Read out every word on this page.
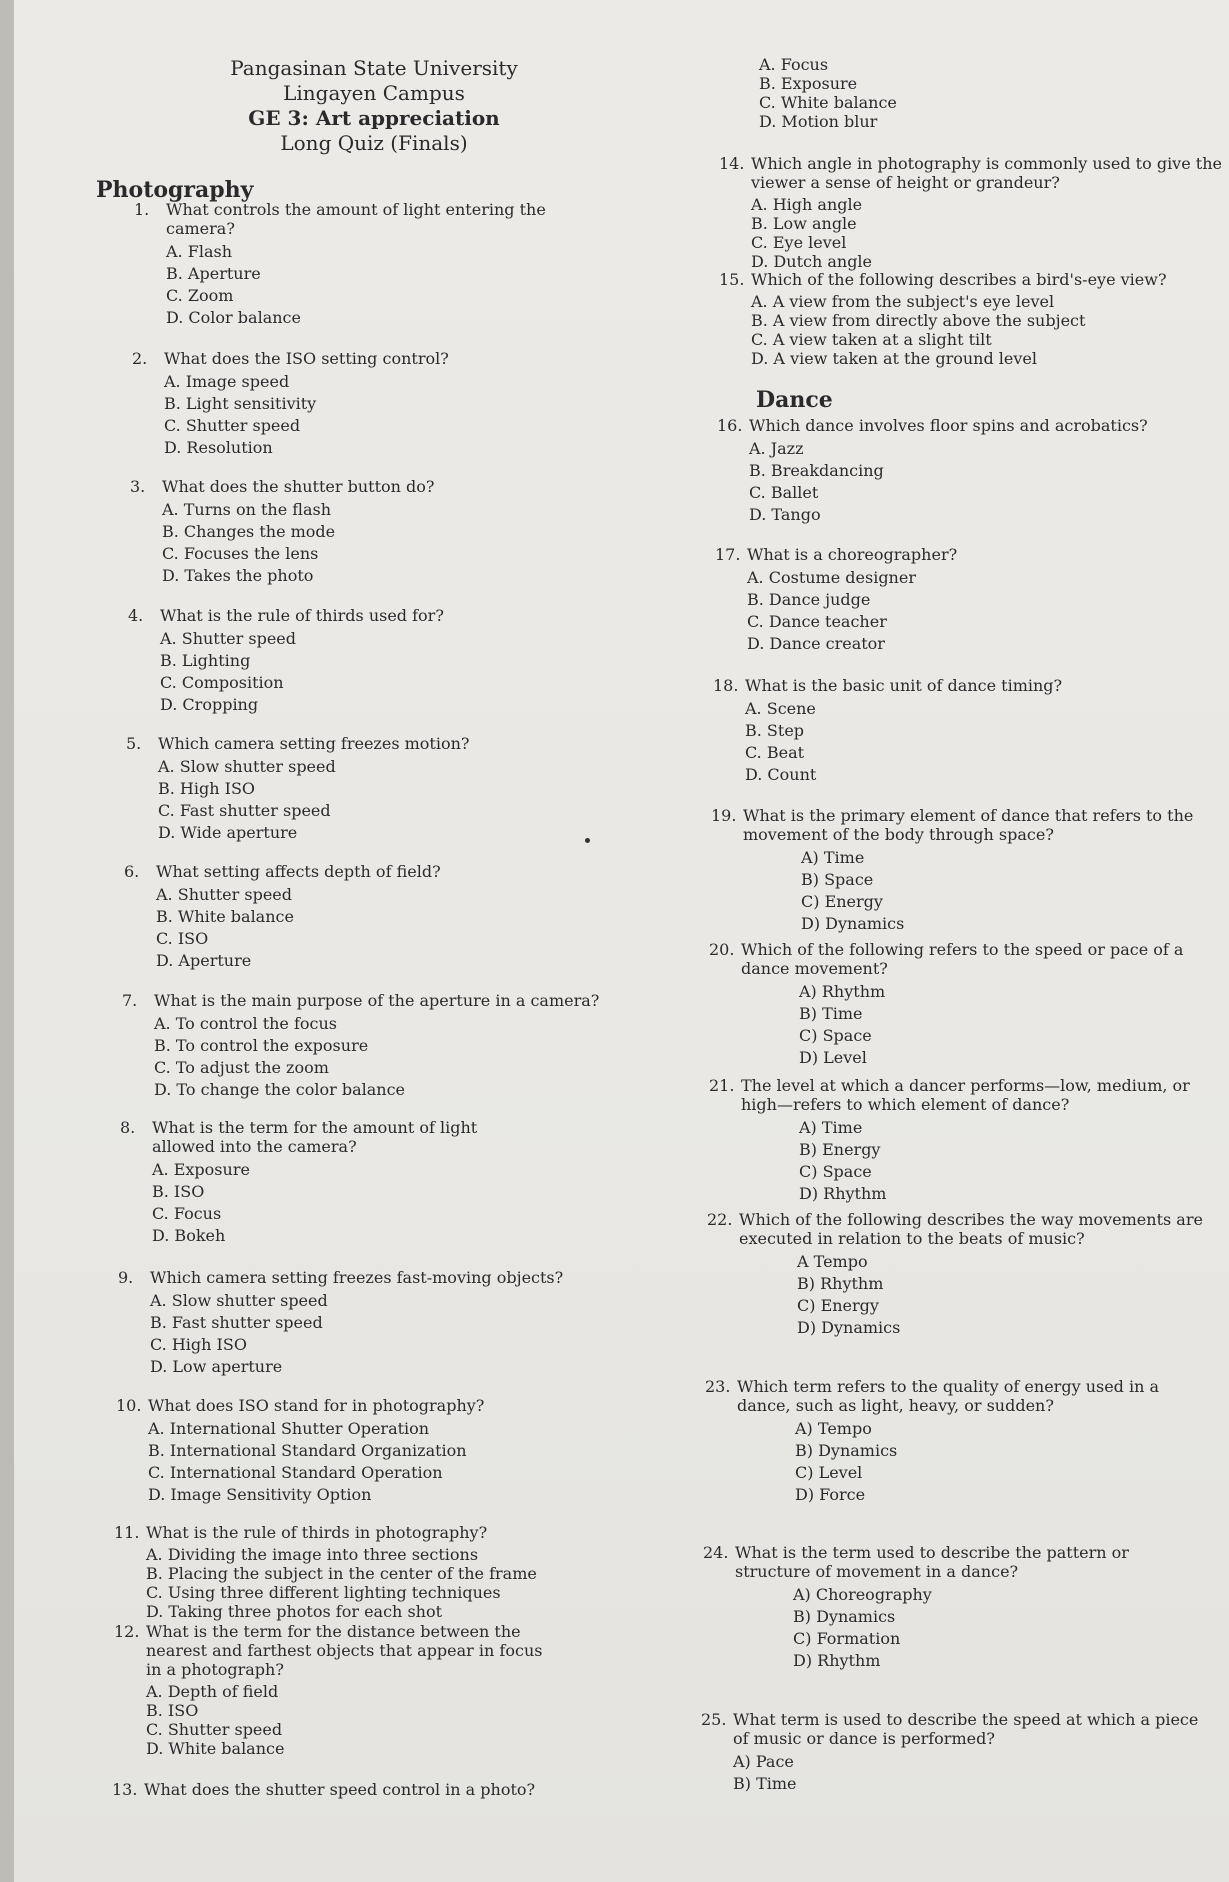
Pangasinan State University
Lingayen Campus
GE 3: Art appreciation
Long Quiz (Finals)
Photography
1.	What controls the amount of light entering the camera?
A. Flash
B. Aperture
C. Zoom
D. Color balance
2.	What does the ISO setting control?
A. Image speed
B. Light sensitivity
C. Shutter speed
D. Resolution
3.	What does the shutter button do?
A. Turns on the flash
B. Changes the mode
C. Focuses the lens
D. Takes the photo
4.	What is the rule of thirds used for?
A. Shutter speed
B. Lighting
C. Composition
D. Cropping
5.	Which camera setting freezes motion?
A. Slow shutter speed
B. High ISO
C. Fast shutter speed
D. Wide aperture
6.	What setting affects depth of field?
A. Shutter speed
B. White balance
C. ISO
D. Aperture
7.	What is the main purpose of the aperture in a camera?
A. To control the focus
B. To control the exposure
C. To adjust the zoom
D. To change the color balance
8.	What is the term for the amount of light allowed into the camera?
A. Exposure
B. ISO
C. Focus
D. Bokeh
9.	Which camera setting freezes fast-moving objects?
A. Slow shutter speed
B. Fast shutter speed
C. High ISO
D. Low aperture
10. What does ISO stand for in photography?
A. International Shutter Operation
B. International Standard Organization
C. International Standard Operation
D. Image Sensitivity Option
11. What is the rule of thirds in photography?
A. Dividing the image into three sections
B. Placing the subject in the center of the frame
C. Using three different lighting techniques
D. Taking three photos for each shot
12. What is the term for the distance between the nearest and farthest objects that appear in focus in a photograph?
A. Depth of field
B. ISO
C. Shutter speed
D. White balance
13. What does the shutter speed control in a photo?
A. Focus
B. Exposure
C. White balance
D. Motion blur
14. Which angle in photography is commonly used to give the viewer a sense of height or grandeur?
A. High angle
B. Low angle
C. Eye level
D. Dutch angle
15. Which of the following describes a bird's-eye view?
A. A view from the subject's eye level
B. A view from directly above the subject
C. A view taken at a slight tilt
D. A view taken at the ground level
Dance
16. Which dance involves floor spins and acrobatics?
A. Jazz
B. Breakdancing
C. Ballet
D. Tango
17. What is a choreographer?
A. Costume designer
B. Dance judge
C. Dance teacher
D. Dance creator
18. What is the basic unit of dance timing?
A. Scene
B. Step
C. Beat
D. Count
19. What is the primary element of dance that refers to the movement of the body through space?
A) Time
B) Space
C) Energy
D) Dynamics
20. Which of the following refers to the speed or pace of a dance movement?
A) Rhythm
B) Time
C) Space
D) Level
21. The level at which a dancer performs—low, medium, or high—refers to which element of dance?
A) Time
B) Energy
C) Space
D) Rhythm
22. Which of the following describes the way movements are executed in relation to the beats of music?
A Tempo
B) Rhythm
C) Energy
D) Dynamics
23. Which term refers to the quality of energy used in a dance, such as light, heavy, or sudden?
A) Tempo
B) Dynamics
C) Level
D) Force
24. What is the term used to describe the pattern or structure of movement in a dance?
A) Choreography
B) Dynamics
C) Formation
D) Rhythm
25. What term is used to describe the speed at which a piece of music or dance is performed?
A) Pace
B) Time
